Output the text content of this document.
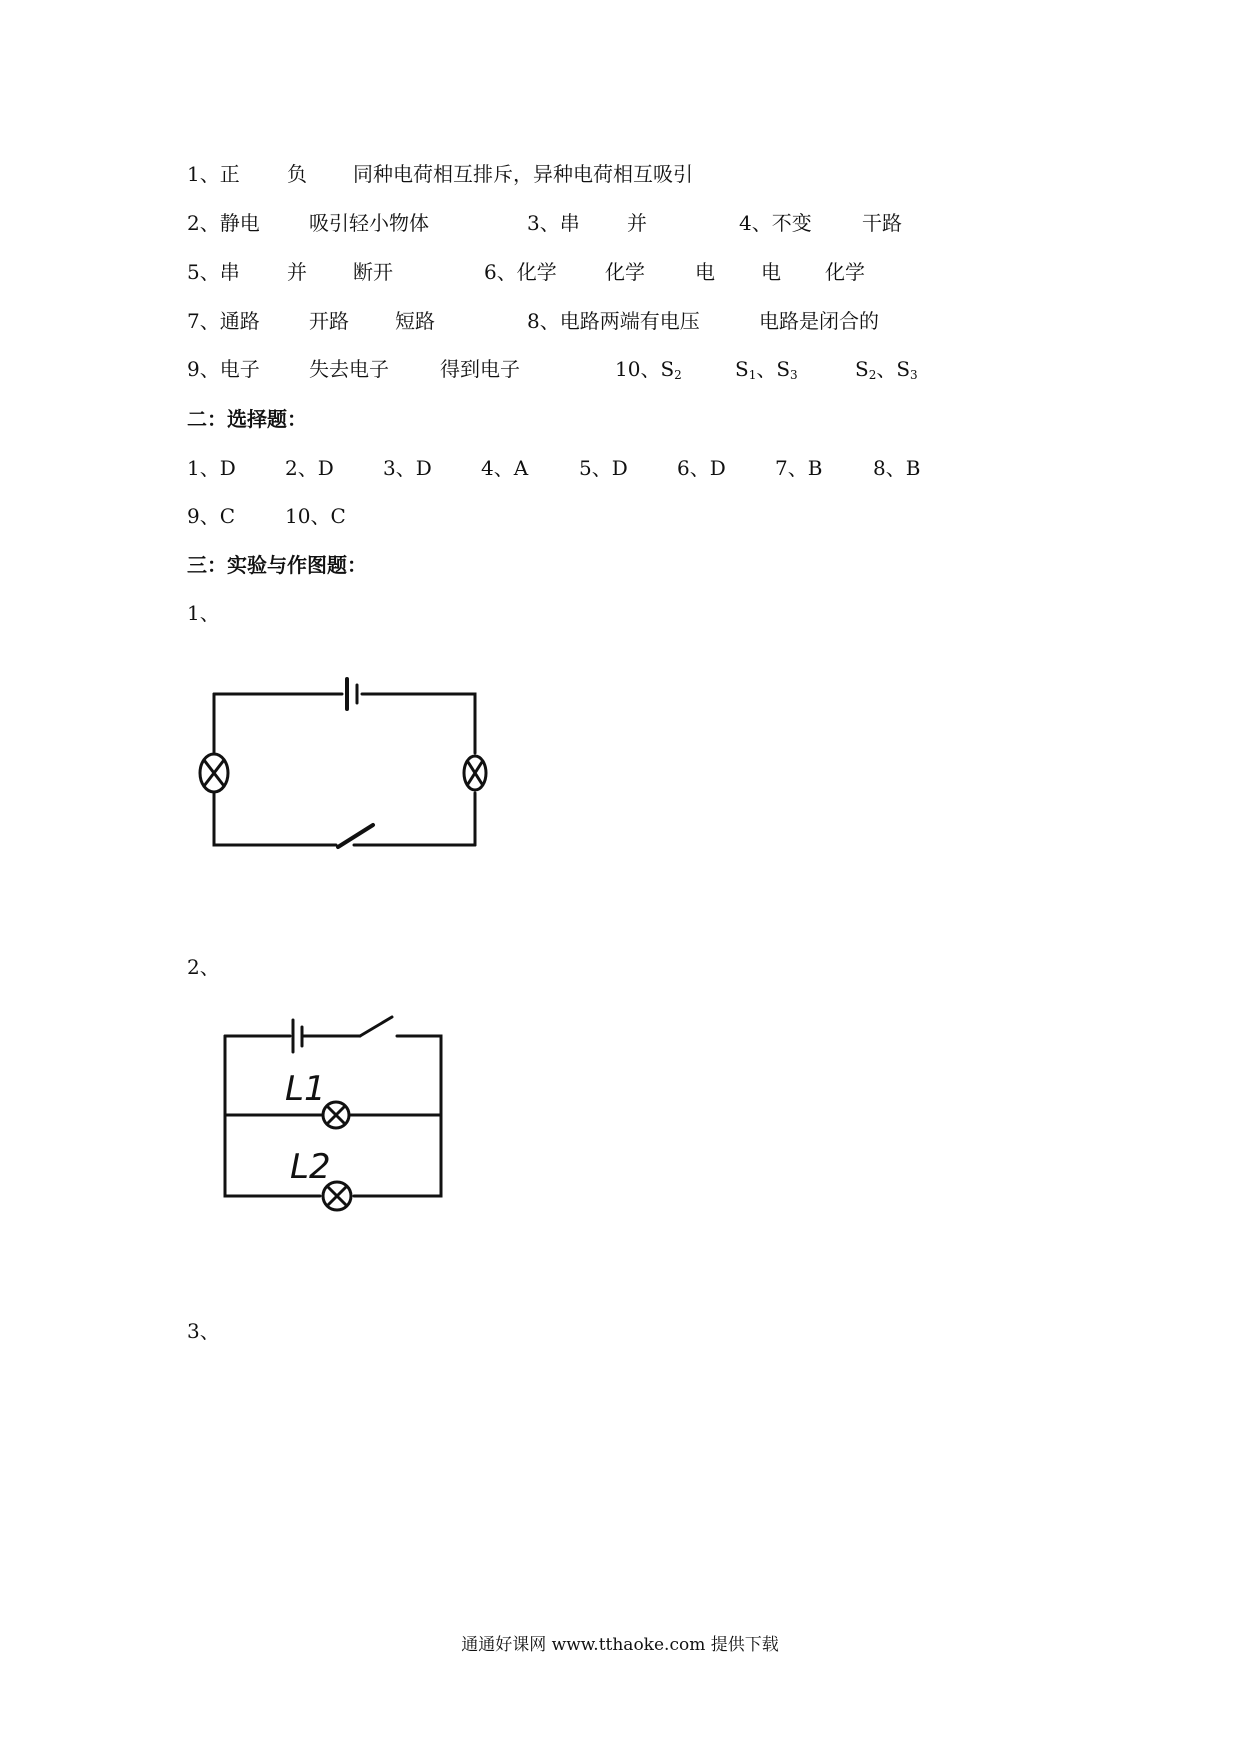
1、正 负 同种电荷相互排斥，异种电荷相互吸引
2、静电 吸引轻小物体	3、串 并	4、不变	干路
5、串 并 断开	6、化学 化学	电 电 化学
7、通路 开路 短路	8、电路两端有电压	电路是闭合的
9、电子 失去电子	得到电子	10、$S_2$	$S_1$、$S_3$	$S_2$、$S_3$
二：选择题：
1、D 2、D 3、D 4、A	5、D 6、D 7、B	8、B
9、C 10、C
三：实验与作图题：
1、
2、
L1
L2
3、
通通好课网 www.tthaoke.com 提供下载
